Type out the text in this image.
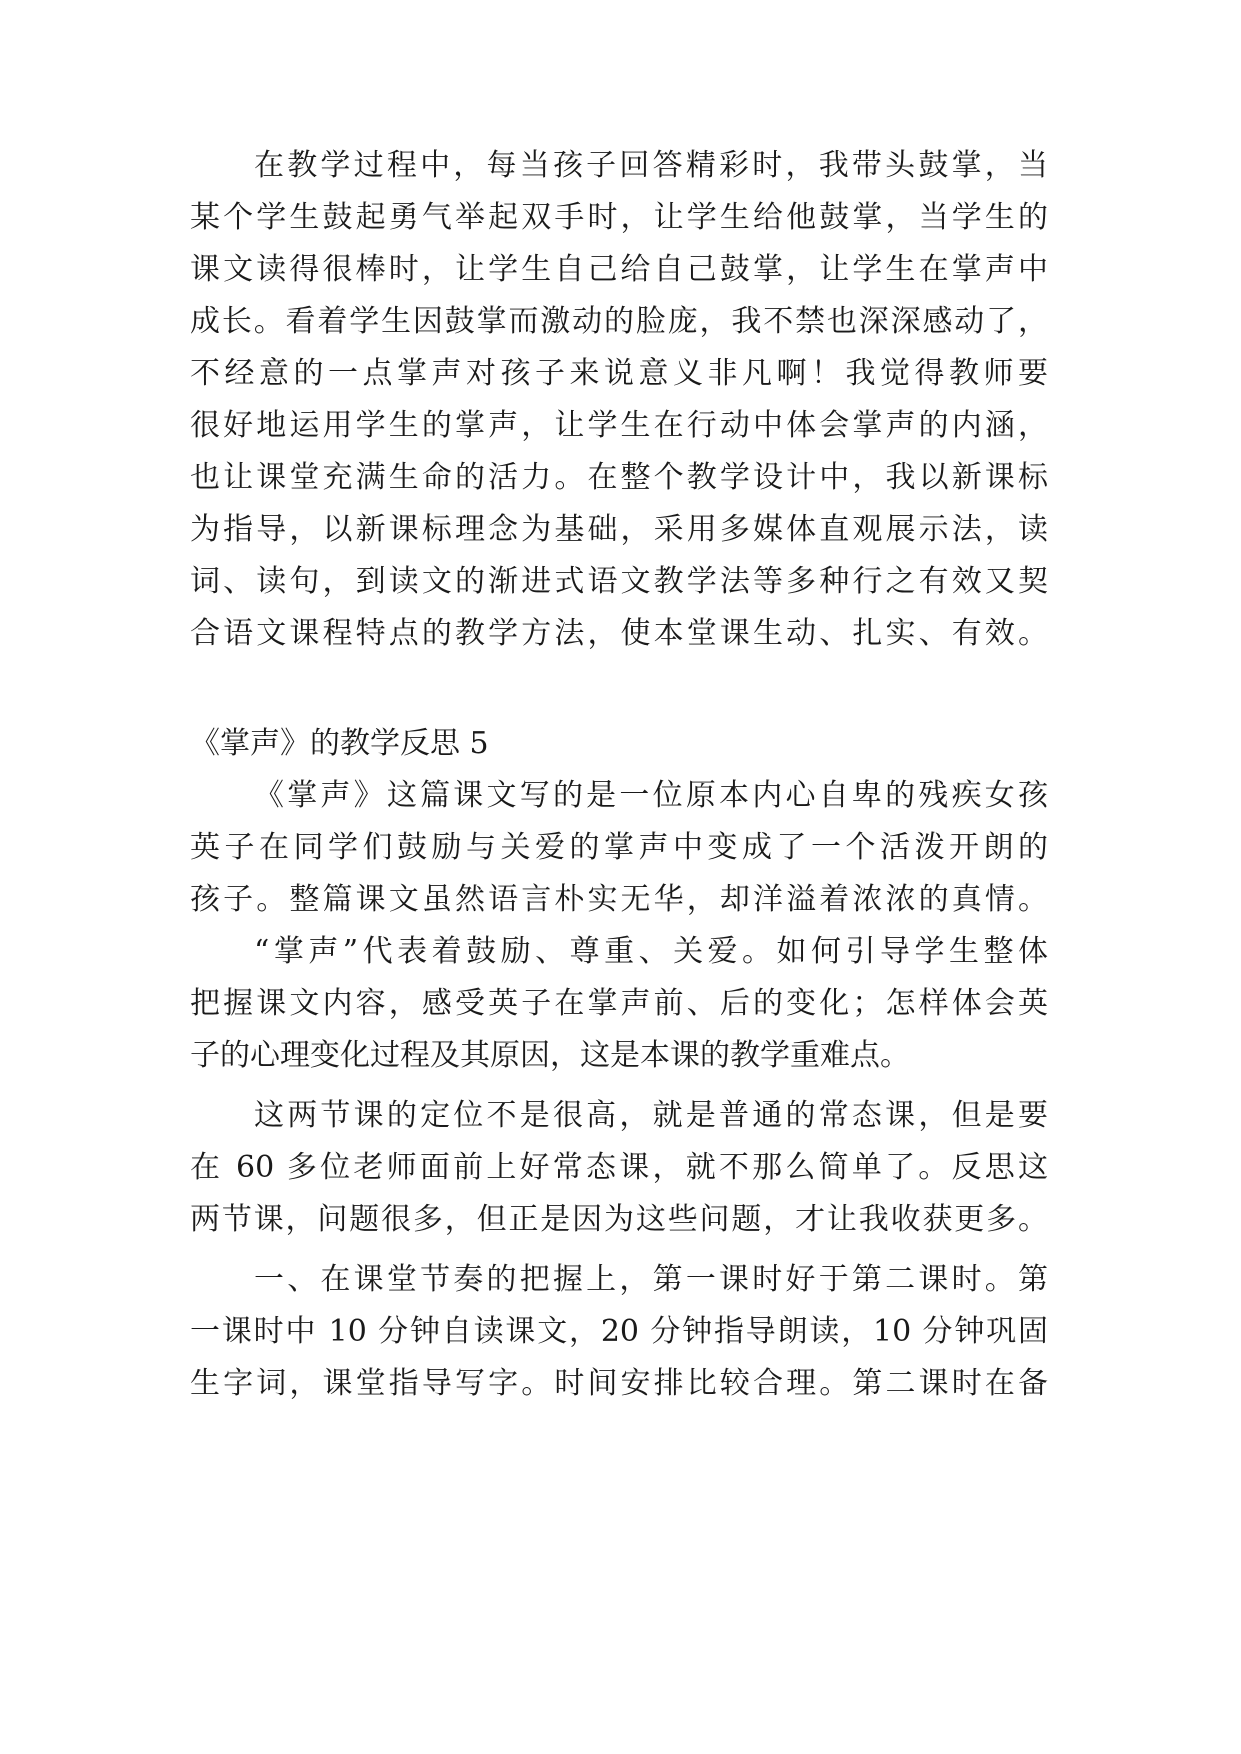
在教学过程中，每当孩子回答精彩时，我带头鼓掌，当
某个学生鼓起勇气举起双手时，让学生给他鼓掌，当学生的
课文读得很棒时，让学生自己给自己鼓掌，让学生在掌声中
成长。看着学生因鼓掌而激动的脸庞，我不禁也深深感动了，
不经意的一点掌声对孩子来说意义非凡啊！我觉得教师要
很好地运用学生的掌声，让学生在行动中体会掌声的内涵，
也让课堂充满生命的活力。在整个教学设计中，我以新课标
为指导，以新课标理念为基础，采用多媒体直观展示法，读
词、读句，到读文的渐进式语文教学法等多种行之有效又契
合语文课程特点的教学方法，使本堂课生动、扎实、有效。
《掌声》的教学反思 5
《掌声》这篇课文写的是一位原本内心自卑的残疾女孩
英子在同学们鼓励与关爱的掌声中变成了一个活泼开朗的
孩子。整篇课文虽然语言朴实无华，却洋溢着浓浓的真情。
“掌声”代表着鼓励、尊重、关爱。如何引导学生整体
把握课文内容，感受英子在掌声前、后的变化；怎样体会英
子的心理变化过程及其原因，这是本课的教学重难点。
这两节课的定位不是很高，就是普通的常态课，但是要
在 60 多位老师面前上好常态课，就不那么简单了。反思这
两节课，问题很多，但正是因为这些问题，才让我收获更多。
一、在课堂节奏的把握上，第一课时好于第二课时。第
一课时中 10 分钟自读课文，20 分钟指导朗读，10 分钟巩固
生字词，课堂指导写字。时间安排比较合理。第二课时在备
